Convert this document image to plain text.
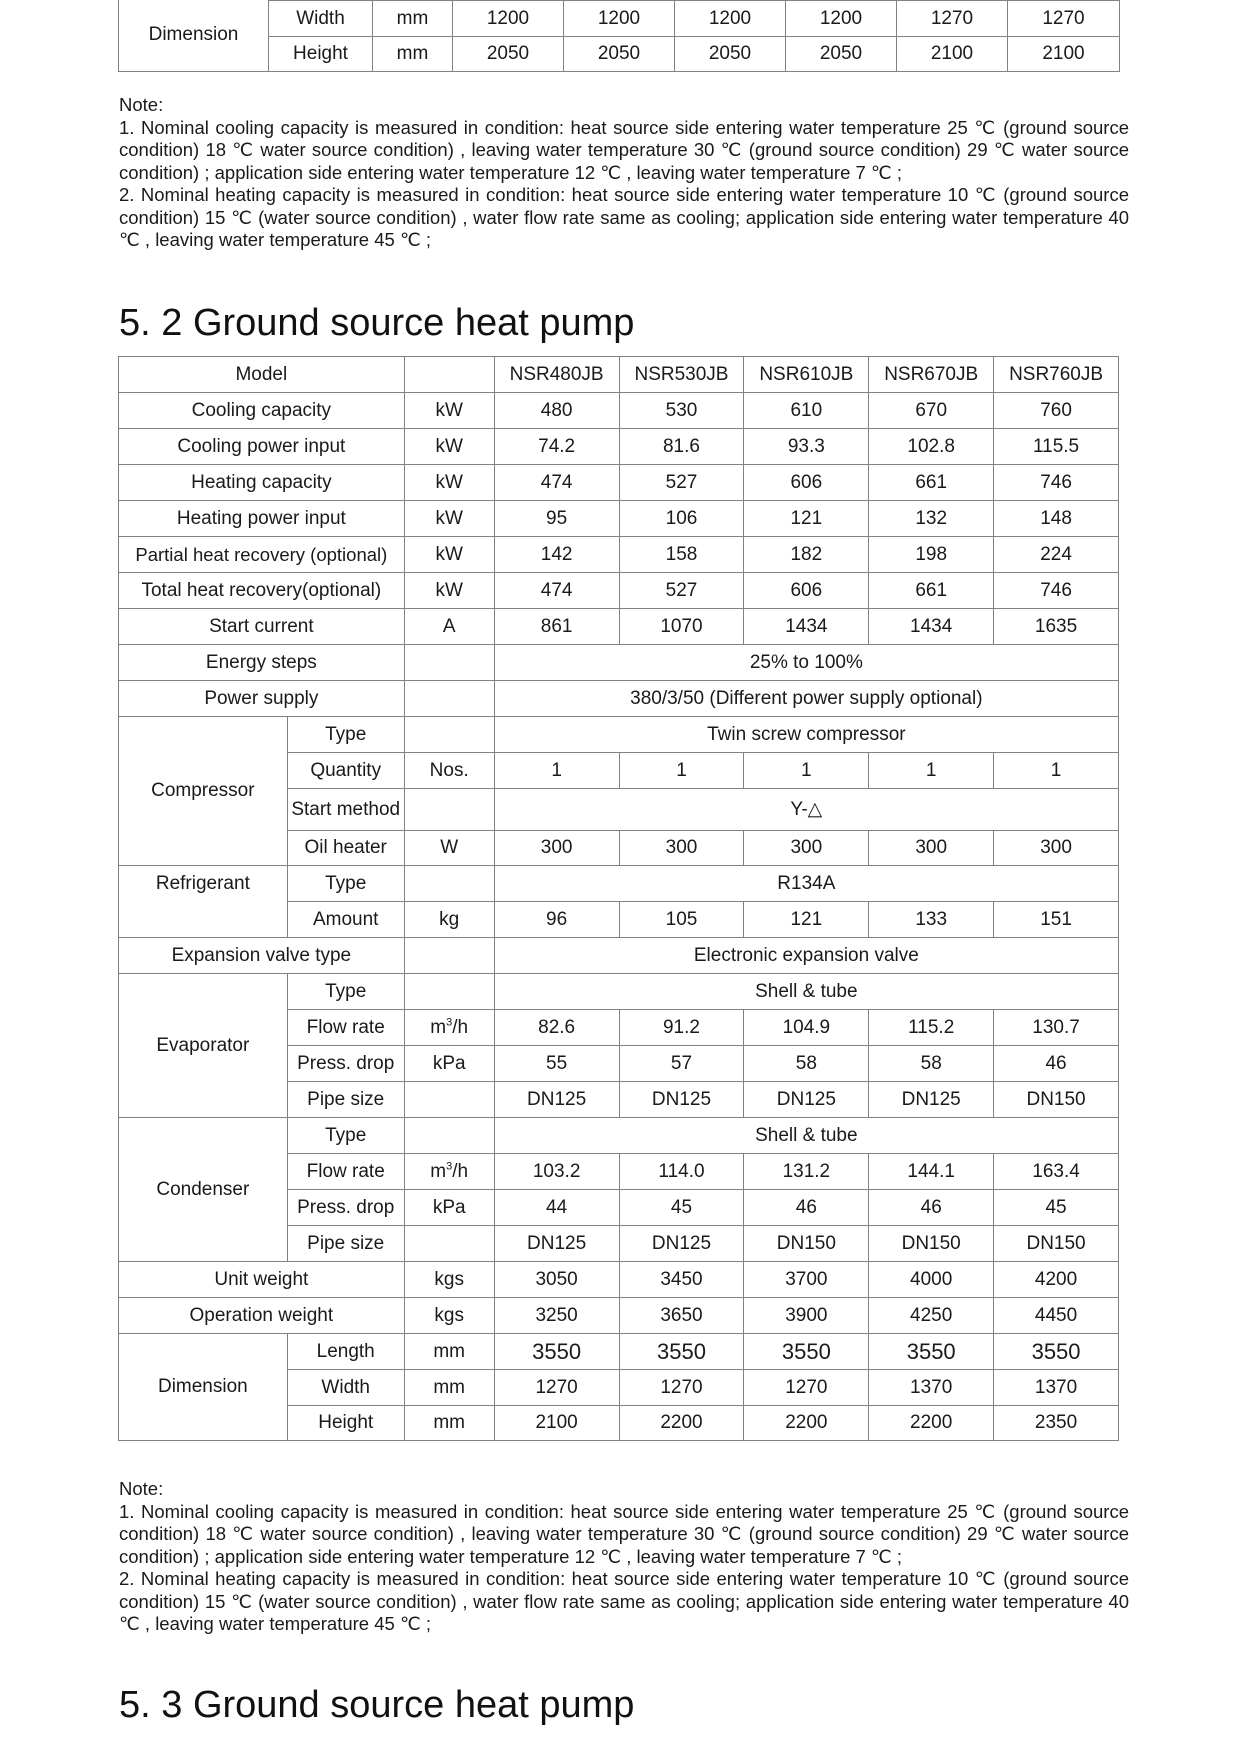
Dimension								
	Width	mm	1200	1200	1200	1200	1270	1270
	Height	mm	2050	2050	2050	2050	2100	2100

Note:

1. Nominal cooling capacity is measured in condition: heat source side entering water temperature 25 ℃ (ground source condition) 18 ℃ water source condition) , leaving water temperature 30 ℃ (ground source condition) 29 ℃ water source condition) ; application side entering water temperature 12 ℃ , leaving water temperature 7 ℃ ;

2. Nominal heating capacity is measured in condition: heat source side entering water temperature 10 ℃ (ground source condition) 15 ℃ (water source condition) , water flow rate same as cooling; application side entering water temperature 40 ℃ , leaving water temperature 45 ℃ ;

5. 2 Ground source heat pump
Model			NSR480JB	NSR530JB	NSR610JB	NSR670JB	NSR760JB
Cooling capacity		kW	480	530	610	670	760
Cooling power input		kW	74.2	81.6	93.3	102.8	115.5
Heating capacity		kW	474	527	606	661	746
Heating power input		kW	95	106	121	132	148
Partial heat recovery (optional)		kW	142	158	182	198	224
Total heat recovery(optional)		kW	474	527	606	661	746
Start current		A	861	1070	1434	1434	1635
Energy steps			25% to 100%				
Power supply			380/3/50 (Different power supply optional)				
Compressor	Type		Twin screw compressor				
	Quantity	Nos.	1	1	1	1	1
	Start method		Y-△				
	Oil heater	W	300	300	300	300	300
Refrigerant	Type		R134A				
	Amount	kg	96	105	121	133	151
Expansion valve type			Electronic expansion valve				
Evaporator	Type		Shell & tube				
	Flow rate	$m^3/h$	82.6	91.2	104.9	115.2	130.7
	Press. drop	kPa	55	57	58	58	46
	Pipe size		DN125	DN125	DN125	DN125	DN150
Condenser	Type		Shell & tube				
	Flow rate	$m^3/h$	103.2	114.0	131.2	144.1	163.4
	Press. drop	kPa	44	45	46	46	45
	Pipe size		DN125	DN125	DN150	DN150	DN150
Unit weight		kgs	3050	3450	3700	4000	4200
Operation weight		kgs	3250	3650	3900	4250	4450
Dimension	Length	mm	3550	3550	3550	3550	3550
	Width	mm	1270	1270	1270	1370	1370
	Height	mm	2100	2200	2200	2200	2350

Note:

1. Nominal cooling capacity is measured in condition: heat source side entering water temperature 25 ℃ (ground source condition) 18 ℃ water source condition) , leaving water temperature 30 ℃ (ground source condition) 29 ℃ water source condition) ; application side entering water temperature 12 ℃ , leaving water temperature 7 ℃ ;

2. Nominal heating capacity is measured in condition: heat source side entering water temperature 10 ℃ (ground source condition) 15 ℃ (water source condition) , water flow rate same as cooling; application side entering water temperature 40 ℃ , leaving water temperature 45 ℃ ;

5. 3 Ground source heat pump
